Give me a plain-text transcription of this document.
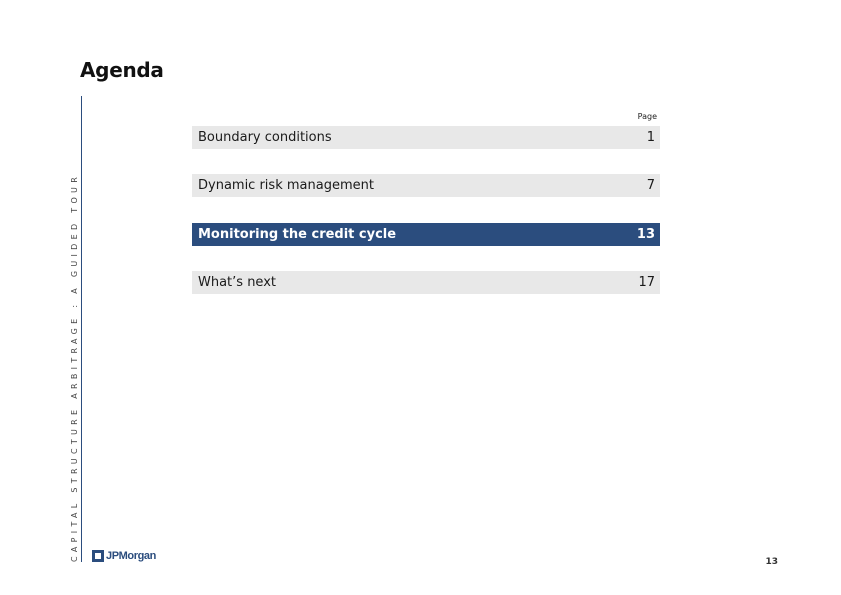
Agenda
CAPITAL STRUCTURE ARBITRAGE : A GUIDED TOUR
Page
Boundary conditions	1
Dynamic risk management	7
Monitoring the credit cycle	13
What’s next	17
JPMorgan	13
